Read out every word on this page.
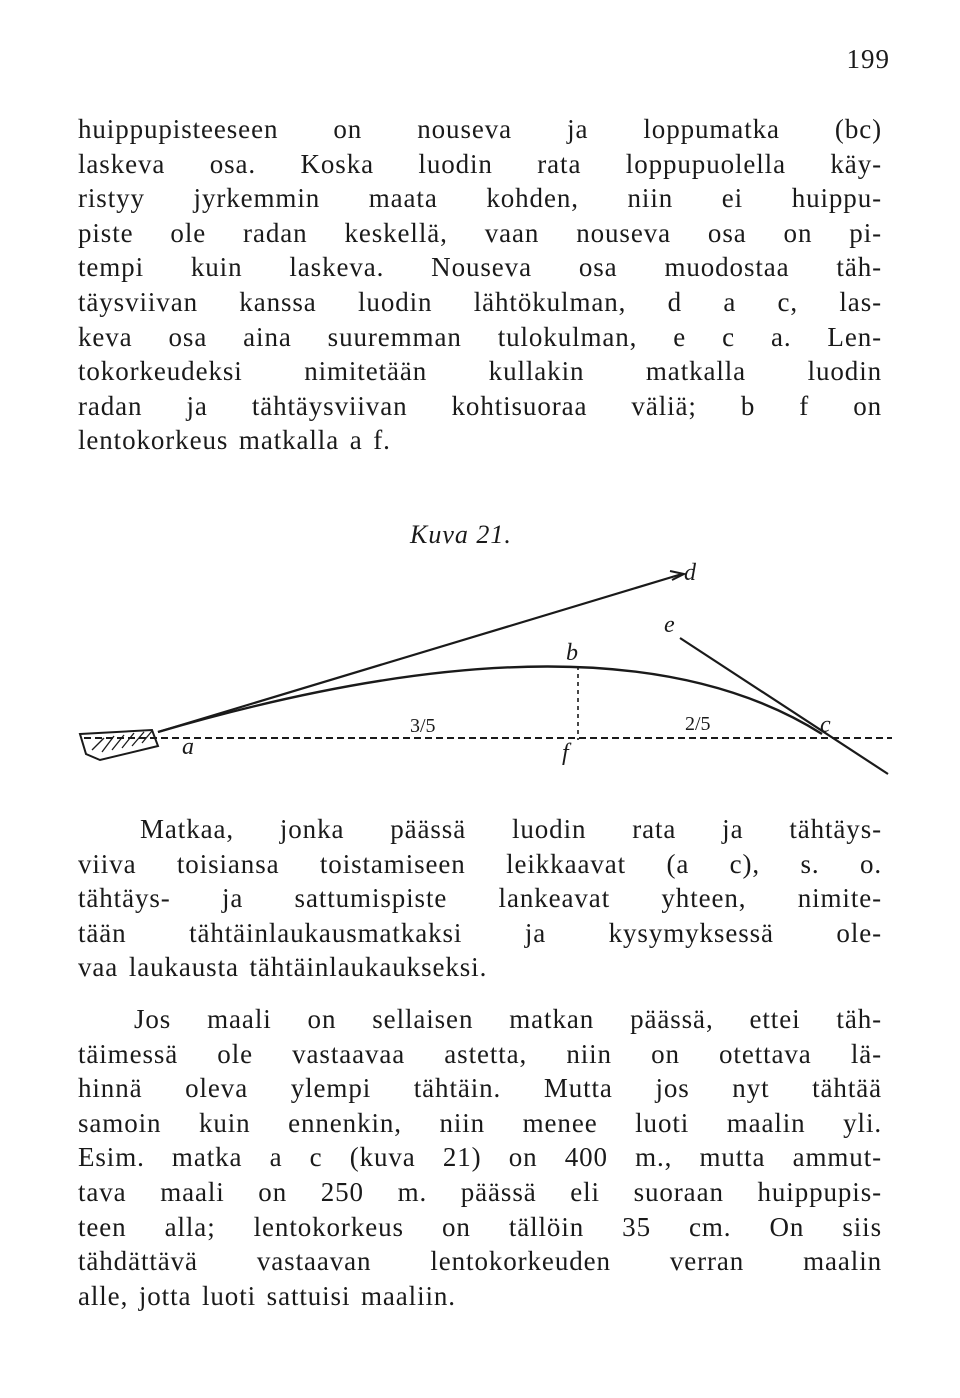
199
huippupisteeseen on nouseva ja loppumatka (bc)
laskeva osa. Koska luodin rata loppupuolella käy-
ristyy jyrkemmin maata kohden, niin ei huippu-
piste ole radan keskellä, vaan nouseva osa on pi-
tempi kuin laskeva. Nouseva osa muodostaa täh-
täysviivan kanssa luodin lähtökulman, d a c, las-
keva osa aina suuremman tulokulman, e c a. Len-
tokorkeudeksi nimitetään kullakin matkalla luodin
radan ja tähtäysviivan kohtisuoraa väliä; b f on
lentokorkeus matkalla a f.
Kuva 21.
a
b
c
d
e
f
3/5	2/5
Matkaa, jonka päässä luodin rata ja tähtäys-
viiva toisiansa toistamiseen leikkaavat (a c), s. o.
tähtäys- ja sattumispiste lankeavat yhteen, nimite-
tään tähtäinlaukausmatkaksi ja kysymyksessä ole-
vaa laukausta tähtäinlaukaukseksi.
Jos maali on sellaisen matkan päässä, ettei täh-
täimessä ole vastaavaa astetta, niin on otettava lä-
hinnä oleva ylempi tähtäin. Mutta jos nyt tähtää
samoin kuin ennenkin, niin menee luoti maalin yli.
Esim. matka a c (kuva 21) on 400 m., mutta ammut-
tava maali on 250 m. päässä eli suoraan huippupis-
teen alla; lentokorkeus on tällöin 35 cm. On siis
tähdättävä vastaavan lentokorkeuden verran maalin
alle, jotta luoti sattuisi maaliin.
